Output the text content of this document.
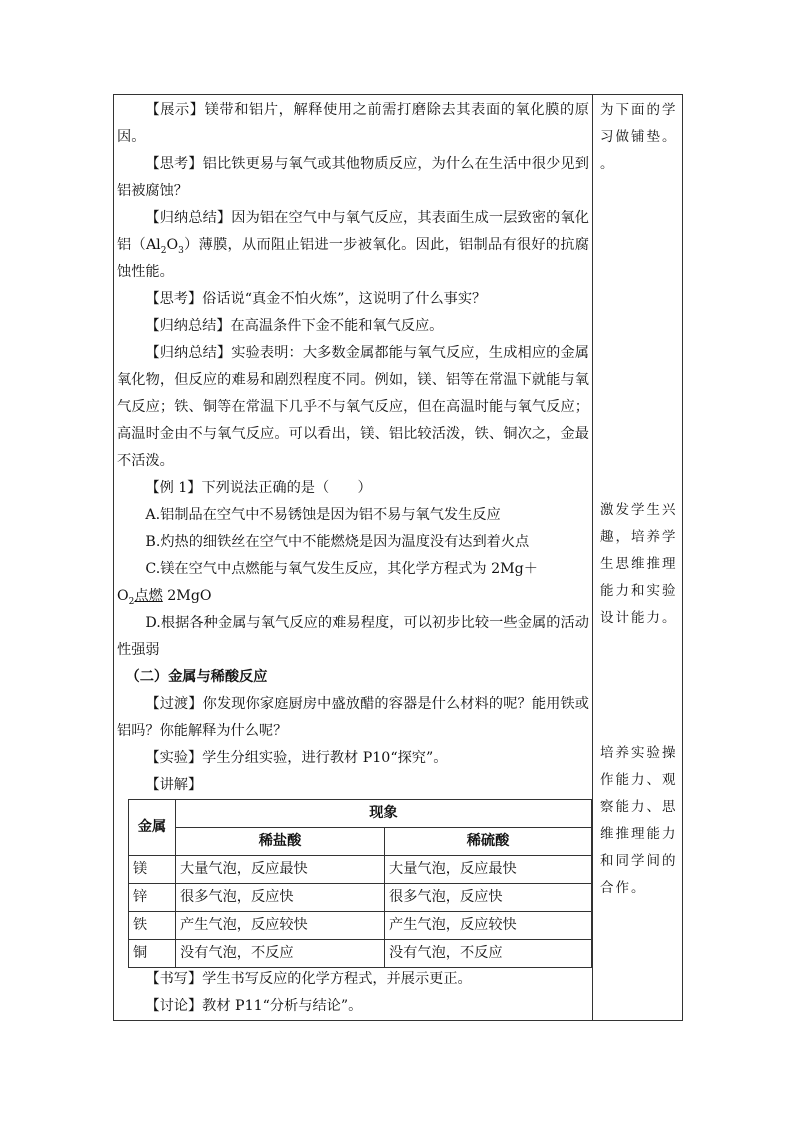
【展示】镁带和铝片，解释使用之前需打磨除去其表面的氧化膜的原因。

【思考】铝比铁更易与氧气或其他物质反应，为什么在生活中很少见到铝被腐蚀？

【归纳总结】因为铝在空气中与氧气反应，其表面生成一层致密的氧化铝$(Al_2O_3)$薄膜，从而阻止铝进一步被氧化。因此，铝制品有很好的抗腐蚀性能。

【思考】俗话说“真金不怕火炼”，这说明了什么事实？

【归纳总结】在高温条件下金不能和氧气反应。

【归纳总结】实验表明：大多数金属都能与氧气反应，生成相应的金属氧化物，但反应的难易和剧烈程度不同。例如，镁、铝等在常温下就能与氧气反应；铁、铜等在常温下几乎不与氧气反应，但在高温时能与氧气反应；高温时金由不与氧气反应。可以看出，镁、铝比较活泼，铁、铜次之，金最不活泼。

【例 1】下列说法正确的是（　　）

A.铝制品在空气中不易锈蚀是因为铝不易与氧气发生反应

B.灼热的细铁丝在空气中不能燃烧是因为温度没有达到着火点

C.镁在空气中点燃能与氧气发生反应，其化学方程式为 2Mg＋

$O_2$点燃 2MgO

D.根据各种金属与氧气反应的难易程度，可以初步比较一些金属的活动性强弱

（二）金属与稀酸反应

【过渡】你发现你家庭厨房中盛放醋的容器是什么材料的呢？能用铁或铝吗？你能解释为什么呢？

【实验】学生分组实验，进行教材 P10“探究”。

【讲解】

金属	现象	
	稀盐酸	稀硫酸
镁	大量气泡，反应最快	大量气泡，反应最快
锌	很多气泡，反应快	很多气泡，反应快
铁	产生气泡，反应较快	产生气泡，反应较快
铜	没有气泡，不反应	没有气泡，不反应

【书写】学生书写反应的化学方程式，并展示更正。

【讨论】教材 P11“分析与结论”。

为下面的学习做铺垫。
。
激发学生兴趣，培养学生思维推理能力和实验设计能力。
培养实验操作能力、观察能力、思维推理能力和同学间的合作。
